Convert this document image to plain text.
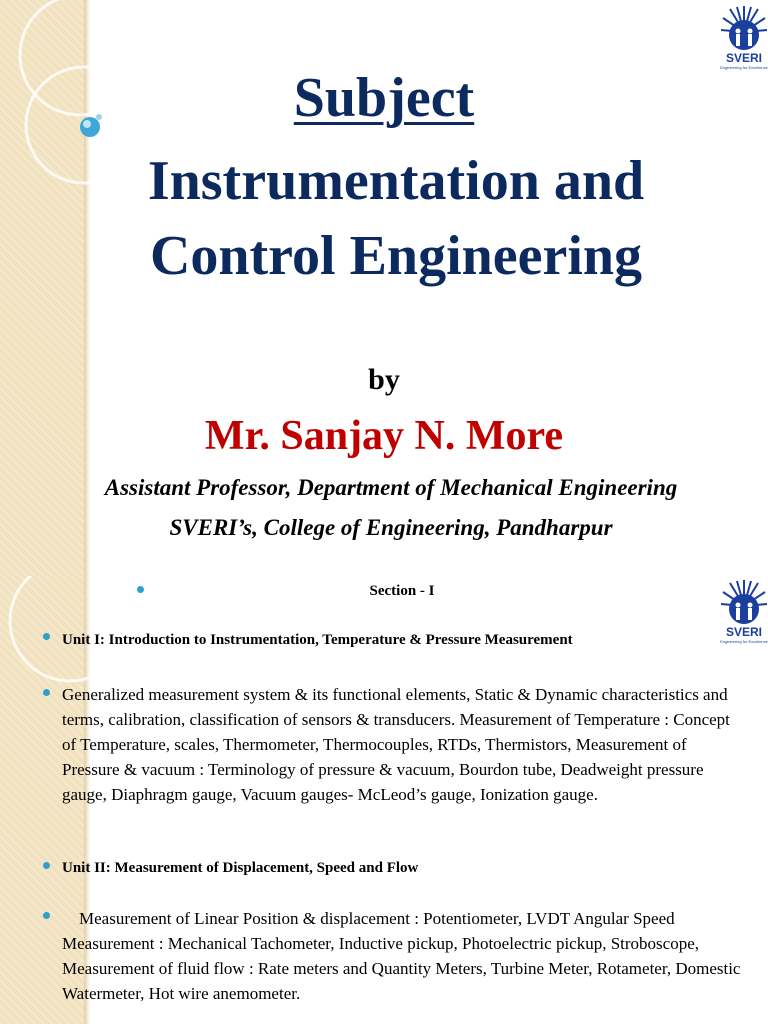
SVERI
Engineering for Excellence
Subject
Instrumentation and
Control Engineering
by
Mr. Sanjay N. More
Assistant Professor, Department of Mechanical Engineering
SVERI’s, College of Engineering, Pandharpur
SVERI
Engineering for Excellence
Section - I
Unit I: Introduction to Instrumentation, Temperature & Pressure Measurement
Generalized measurement system & its functional elements, Static & Dynamic characteristics and terms, calibration, classification of sensors & transducers. Measurement of Temperature : Concept of Temperature, scales, Thermometer, Thermocouples, RTDs, Thermistors, Measurement of Pressure & vacuum : Terminology of pressure & vacuum, Bourdon tube, Deadweight pressure gauge, Diaphragm gauge, Vacuum gauges- McLeod’s gauge, Ionization gauge.
Unit II: Measurement of Displacement, Speed and Flow
Measurement of Linear Position & displacement : Potentiometer, LVDT Angular Speed Measurement : Mechanical Tachometer, Inductive pickup, Photoelectric pickup, Stroboscope, Measurement of fluid flow : Rate meters and Quantity Meters, Turbine Meter, Rotameter, Domestic Watermeter, Hot wire anemometer.
